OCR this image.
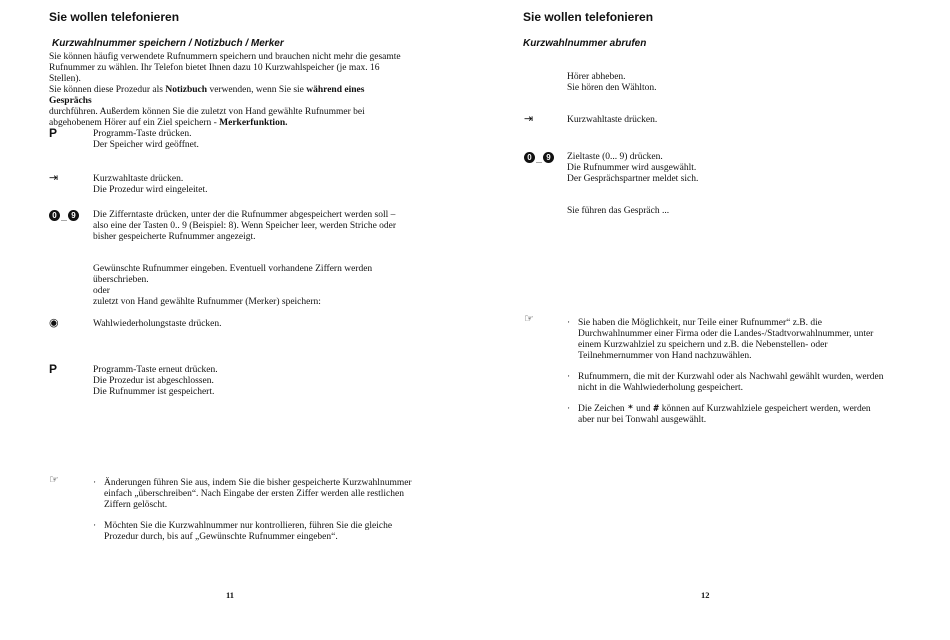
Sie wollen telefonieren
Kurzwahlnummer speichern / Notizbuch / Merker
Sie können häufig verwendete Rufnummern speichern und brauchen nicht mehr die gesamte
Rufnummer zu wählen. Ihr Telefon bietet Ihnen dazu 10 Kurzwahlspeicher (je max. 16 Stellen).
Sie können diese Prozedur als Notizbuch verwenden, wenn Sie sie während eines Gesprächs
durchführen. Außerdem können Sie die zuletzt von Hand gewählte Rufnummer bei
abgehobenem Hörer auf ein Ziel speichern - Merkerfunktion.
P	Programm-Taste drücken.
Der Speicher wird geöffnet.
⇥	Kurzwahltaste drücken.
Die Prozedur wird eingeleitet.
0 ... 9	Die Zifferntaste drücken, unter der die Rufnummer abgespeichert werden soll –
also eine der Tasten 0.. 9 (Beispiel: 8). Wenn Speicher leer, werden Striche oder
bisher gespeicherte Rufnummer angezeigt.
Gewünschte Rufnummer eingeben. Eventuell vorhandene Ziffern werden
überschrieben.
oder
zuletzt von Hand gewählte Rufnummer (Merker) speichern:
◉	Wahlwiederholungstaste drücken.
P	Programm-Taste erneut drücken.
Die Prozedur ist abgeschlossen.
Die Rufnummer ist gespeichert.
☞	· Änderungen führen Sie aus, indem Sie die bisher gespeicherte Kurzwahlnummer
einfach „überschreiben“. Nach Eingabe der ersten Ziffer werden alle restlichen
Ziffern gelöscht.
· Möchten Sie die Kurzwahlnummer nur kontrollieren, führen Sie die gleiche
Prozedur durch, bis auf „Gewünschte Rufnummer eingeben“.
11
Sie wollen telefonieren
Kurzwahlnummer abrufen
Hörer abheben.
Sie hören den Wählton.
⇥	Kurzwahltaste drücken.
0 ... 9	Zieltaste (0... 9) drücken.
Die Rufnummer wird ausgewählt.
Der Gesprächspartner meldet sich.
Sie führen das Gespräch ...
☞	· Sie haben die Möglichkeit, nur Teile einer Rufnummer“ z.B. die
Durchwahlnummer einer Firma oder die Landes-/Stadtvorwahlnummer, unter
einem Kurzwahlziel zu speichern und z.B. die Nebenstellen- oder
Teilnehmernummer von Hand nachzuwählen.
· Rufnummern, die mit der Kurzwahl oder als Nachwahl gewählt wurden, werden
nicht in die Wahlwiederholung gespeichert.
· Die Zeichen * und # können auf Kurzwahlziele gespeichert werden, werden
aber nur bei Tonwahl ausgewählt.
12
